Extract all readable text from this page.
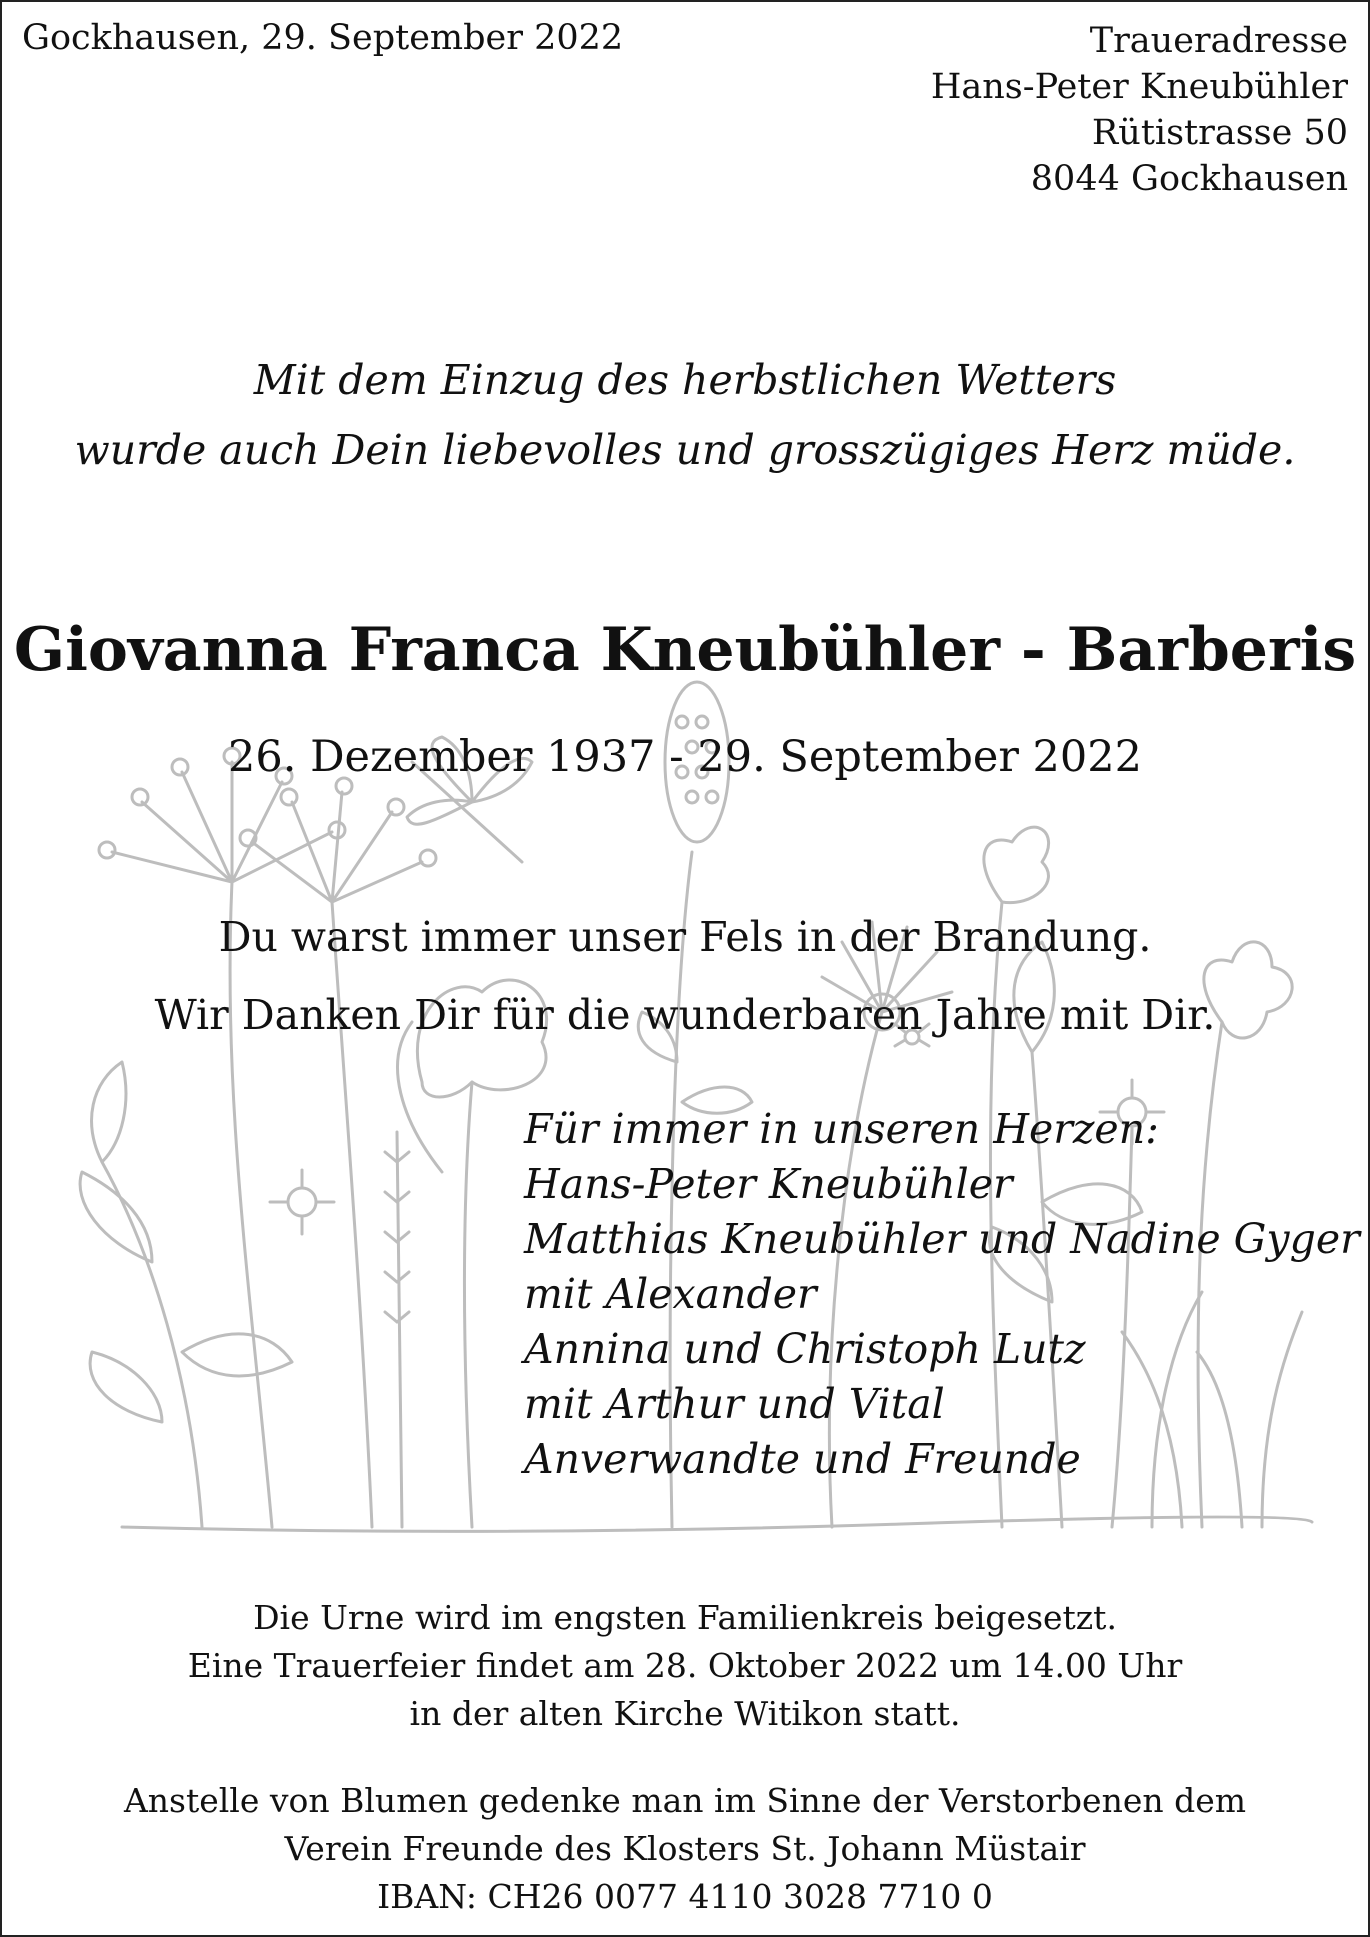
Gockhausen, 29. September 2022	Traueradresse
Hans-Peter Kneubühler
Rütistrasse 50
8044 Gockhausen
Mit dem Einzug des herbstlichen Wetters
wurde auch Dein liebevolles und grosszügiges Herz müde.
Giovanna Franca Kneubühler - Barberis
26. Dezember 1937 - 29. September 2022
Du warst immer unser Fels in der Brandung.
Wir Danken Dir für die wunderbaren Jahre mit Dir.
Für immer in unseren Herzen:
Hans-Peter Kneubühler
Matthias Kneubühler und Nadine Gyger
mit Alexander
Annina und Christoph Lutz
mit Arthur und Vital
Anverwandte und Freunde
Die Urne wird im engsten Familienkreis beigesetzt.
Eine Trauerfeier findet am 28. Oktober 2022 um 14.00 Uhr
in der alten Kirche Witikon statt.
Anstelle von Blumen gedenke man im Sinne der Verstorbenen dem
Verein Freunde des Klosters St. Johann Müstair
IBAN: CH26 0077 4110 3028 7710 0
